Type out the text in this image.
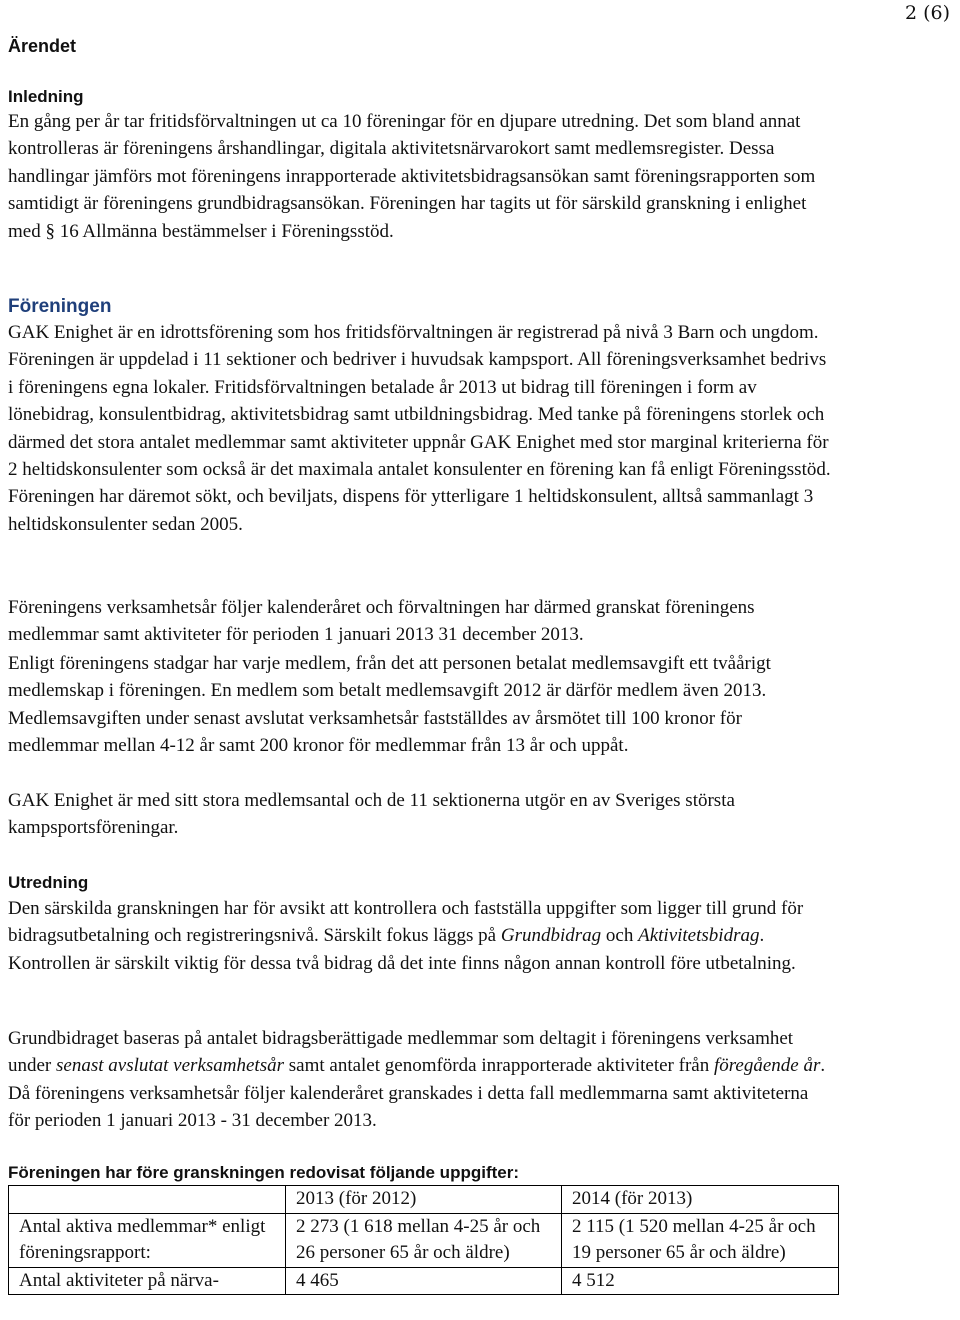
2 (6)
Ärendet
Inledning
En gång per år tar fritidsförvaltningen ut ca 10 föreningar för en djupare utredning. Det som bland annat kontrolleras är föreningens årshandlingar, digitala aktivitetsnärvarokort samt medlemsregister. Dessa handlingar jämförs mot föreningens inrapporterade aktivitetsbidragsansökan samt föreningsrapporten som samtidigt är föreningens grundbidragsansökan. Föreningen har tagits ut för särskild granskning i enlighet med § 16 Allmänna bestämmelser i Föreningsstöd.
Föreningen
GAK Enighet är en idrottsförening som hos fritidsförvaltningen är registrerad på nivå 3 Barn och ungdom. Föreningen är uppdelad i 11 sektioner och bedriver i huvudsak kampsport. All föreningsverksamhet bedrivs i föreningens egna lokaler. Fritidsförvaltningen betalade år 2013 ut bidrag till föreningen i form av lönebidrag, konsulentbidrag, aktivitetsbidrag samt utbildningsbidrag. Med tanke på föreningens storlek och därmed det stora antalet medlemmar samt aktiviteter uppnår GAK Enighet med stor marginal kriterierna för 2 heltidskonsulenter som också är det maximala antalet konsulenter en förening kan få enligt Föreningsstöd. Föreningen har däremot sökt, och beviljats, dispens för ytterligare 1 heltidskonsulent, alltså sammanlagt 3 heltidskonsulenter sedan 2005.
Föreningens verksamhetsår följer kalenderåret och förvaltningen har därmed granskat föreningens medlemmar samt aktiviteter för perioden 1 januari 2013 31 december 2013.
Enligt föreningens stadgar har varje medlem, från det att personen betalat medlemsavgift ett tvåårigt medlemskap i föreningen. En medlem som betalt medlemsavgift 2012 är därför medlem även 2013. Medlemsavgiften under senast avslutat verksamhetsår fastställdes av årsmötet till 100 kronor för medlemmar mellan 4-12 år samt 200 kronor för medlemmar från 13 år och uppåt.
GAK Enighet är med sitt stora medlemsantal och de 11 sektionerna utgör en av Sveriges största kampsportsföreningar.
Utredning
Den särskilda granskningen har för avsikt att kontrollera och fastställa uppgifter som ligger till grund för bidragsutbetalning och registreringsnivå. Särskilt fokus läggs på Grundbidrag och Aktivitetsbidrag. Kontrollen är särskilt viktig för dessa två bidrag då det inte finns någon annan kontroll före utbetalning.
Grundbidraget baseras på antalet bidragsberättigade medlemmar som deltagit i föreningens verksamhet under senast avslutat verksamhetsår samt antalet genomförda inrapporterade aktiviteter från föregående år. Då föreningens verksamhetsår följer kalenderåret granskades i detta fall medlemmarna samt aktiviteterna för perioden 1 januari 2013 - 31 december 2013.
Föreningen har före granskningen redovisat följande uppgifter:
	2013 (för 2012)	2014 (för 2013)
Antal aktiva medlemmar* enligt föreningsrapport:	2 273 (1 618 mellan 4-25 år och 26 personer 65 år och äldre)	2 115 (1 520 mellan 4-25 år och 19 personer 65 år och äldre)
Antal aktiviteter på närva-	4 465	4 512
